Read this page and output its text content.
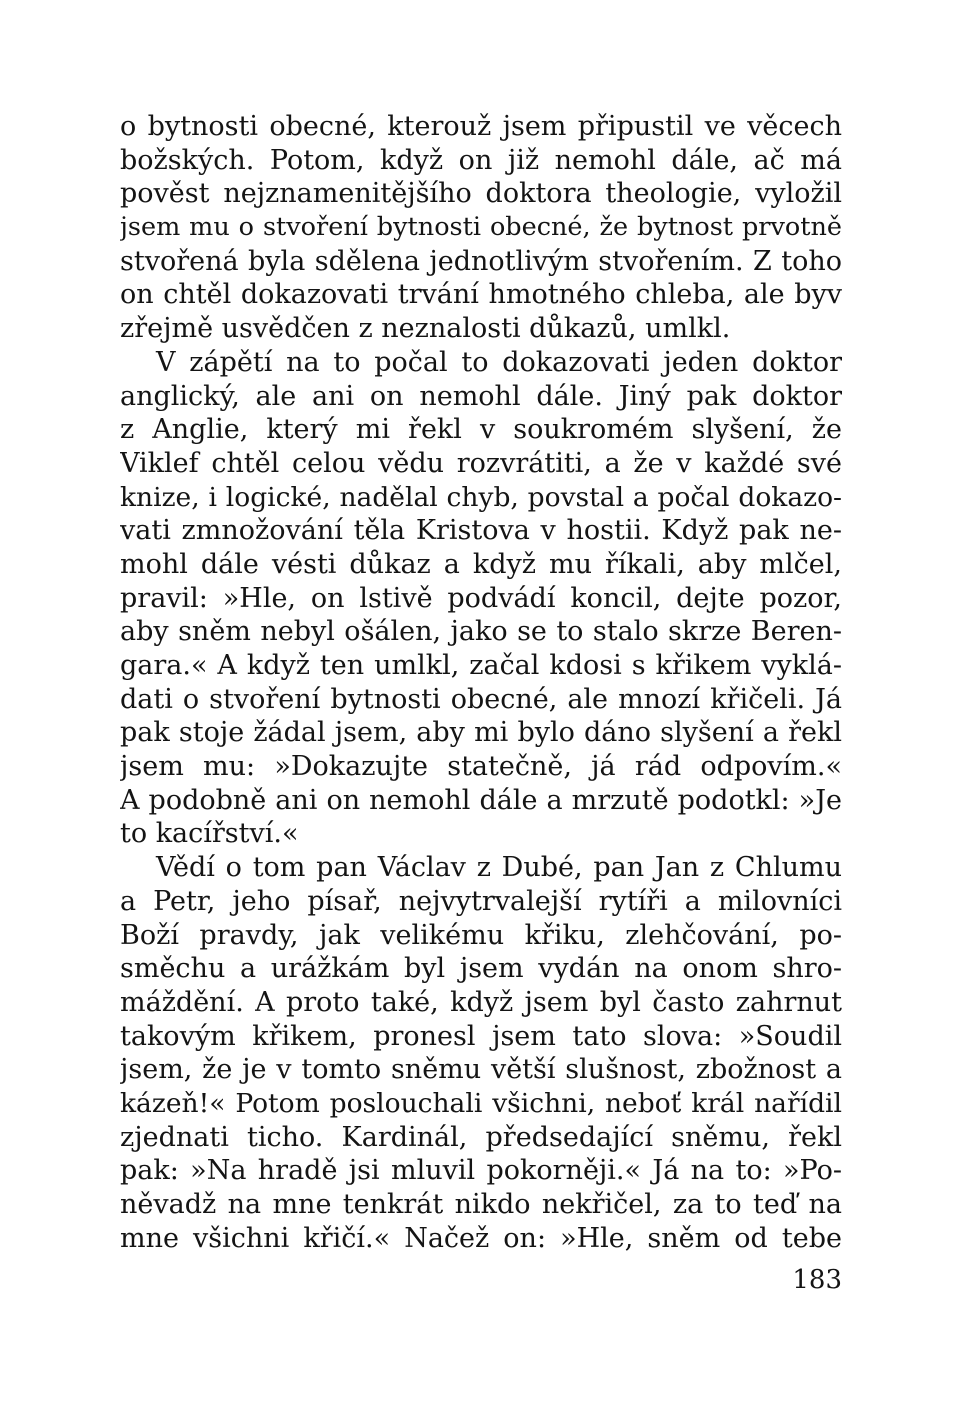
o bytnosti obecné, kterouž jsem připustil ve věcech
božských. Potom, když on již nemohl dále, ač má
pověst nejznamenitějšího doktora theologie, vyložil
jsem mu o stvoření bytnosti obecné, že bytnost prvotně
stvořená byla sdělena jednotlivým stvořením. Z toho
on chtěl dokazovati trvání hmotného chleba, ale byv
zřejmě usvědčen z neznalosti důkazů, umlkl.
V zápětí na to počal to dokazovati jeden doktor
anglický, ale ani on nemohl dále. Jiný pak doktor
z Anglie, který mi řekl v soukromém slyšení, že
Viklef chtěl celou vědu rozvrátiti, a že v každé své
knize, i logické, nadělal chyb, povstal a počal dokazo-
vati zmnožování těla Kristova v hostii. Když pak ne-
mohl dále vésti důkaz a když mu říkali, aby mlčel,
pravil: »Hle, on lstivě podvádí koncil, dejte pozor,
aby sněm nebyl ošálen, jako se to stalo skrze Beren-
gara.« A když ten umlkl, začal kdosi s křikem vyklá-
dati o stvoření bytnosti obecné, ale mnozí křičeli. Já
pak stoje žádal jsem, aby mi bylo dáno slyšení a řekl
jsem mu: »Dokazujte statečně, já rád odpovím.«
A podobně ani on nemohl dále a mrzutě podotkl: »Je
to kacířství.«
Vědí o tom pan Václav z Dubé, pan Jan z Chlumu
a Petr, jeho písař, nejvytrvalejší rytíři a milovníci
Boží pravdy, jak velikému křiku, zlehčování, po-
směchu a urážkám byl jsem vydán na onom shro-
máždění. A proto také, když jsem byl často zahrnut
takovým křikem, pronesl jsem tato slova: »Soudil
jsem, že je v tomto sněmu větší slušnost, zbožnost a
kázeň!« Potom poslouchali všichni, neboť král nařídil
zjednati ticho. Kardinál, předsedající sněmu, řekl
pak: »Na hradě jsi mluvil pokorněji.« Já na to: »Po-
něvadž na mne tenkrát nikdo nekřičel, za to teď na
mne všichni křičí.« Načež on: »Hle, sněm od tebe
183
